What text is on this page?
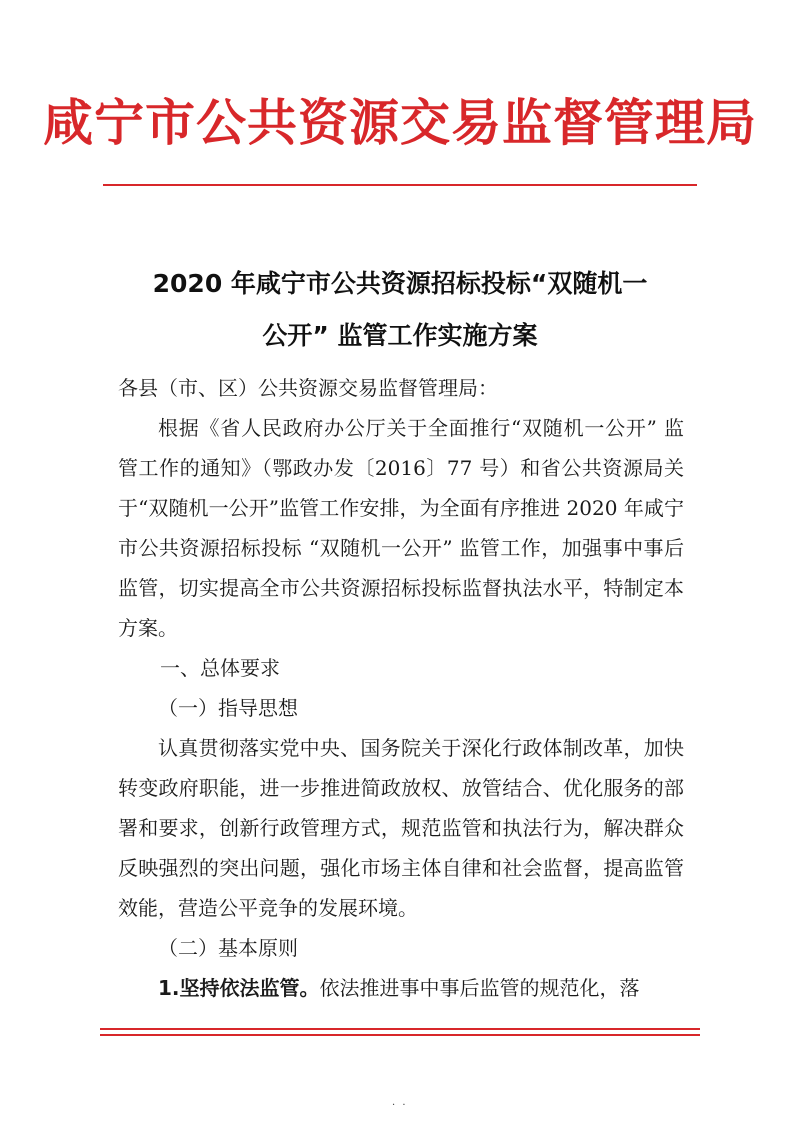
咸宁市公共资源交易监督管理局
2020 年咸宁市公共资源招标投标“双随机一
公开” 监管工作实施方案

各县（市、区）公共资源交易监督管理局：

根据《省人民政府办公厅关于全面推行“双随机一公开” 监管工作的通知》（鄂政办发〔2016〕77 号）和省公共资源局关于“双随机一公开”监管工作安排，为全面有序推进 2020 年咸宁市公共资源招标投标 “双随机一公开” 监管工作，加强事中事后监管，切实提高全市公共资源招标投标监督执法水平，特制定本方案。

一、总体要求

（一）指导思想

认真贯彻落实党中央、国务院关于深化行政体制改革，加快转变政府职能，进一步推进简政放权、放管结合、优化服务的部署和要求，创新行政管理方式，规范监管和执法行为，解决群众反映强烈的突出问题，强化市场主体自律和社会监督，提高监管效能，营造公平竞争的发展环境。

（二）基本原则

1.坚持依法监管。依法推进事中事后监管的规范化，落

· ·
